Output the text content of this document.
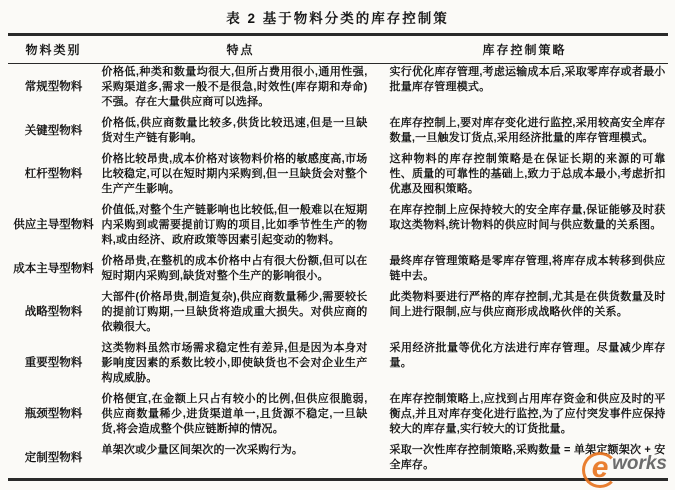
表 2 基于物料分类的库存控制策
物料类别	特点	库存控制策略
常规型物料	价格低,种类和数量均很大,但所占费用很小,通用性强,采购渠道多,需求一般不是很急,时效性(库存期和寿命)不强。存在大量供应商可以选择。	实行优化库存管理,考虑运输成本后,采取零库存或者最小批量库存管理模式。
关键型物料	价格低,供应商数量比较多,供货比较迅速,但是一旦缺货对生产链有影响。	在库存控制上,要对库存变化进行监控,采用较高安全库存数量,一旦触发订货点,采用经济批量的库存管理模式。
杠杆型物料	价格比较昂贵,成本价格对该物料价格的敏感度高,市场比较稳定,可以在短时期内采购到,但一旦缺货会对整个生产产生影响。	这种物料的库存控制策略是在保证长期的来源的可靠性、质量的可靠性的基础上,致力于总成本最小,考虑折扣优惠及囤积策略。
供应主导型物料	价值低,对整个生产链影响也比较低,但一般难以在短期内采购到或需要提前订购的项目,比如季节性生产的物料,或由经济、政府政策等因素引起变动的物料。	在库存控制上应保持较大的安全库存量,保证能够及时获取这类物料,统计物料的供应时间与供应数量的关系图。
成本主导型物料	价格昂贵,在整机的成本价格中占有很大份额,但可以在短时期内采购到,缺货对整个生产的影响很小。	最终库存管理策略是零库存管理,将库存成本转移到供应链中去。
战略型物料	大部件(价格昂贵,制造复杂),供应商数量稀少,需要较长的提前订购期,一旦缺货将造成重大损失。对供应商的依赖很大。	此类物料要进行严格的库存控制,尤其是在供货数量及时间上进行限制,应与供应商形成战略伙伴的关系。
重要型物料	这类物料虽然市场需求稳定性有差异,但是因为本身对影响度因素的系数比较小,即使缺货也不会对企业生产构成威胁。	采用经济批量等优化方法进行库存管理。尽量减少库存量。
瓶颈型物料	价格便宜,在金额上只占有较小的比例,但供应很脆弱,供应商数量稀少,进货渠道单一,且货源不稳定,一旦缺货,将会造成整个供应链断掉的情况。	在库存控制策略上,应找到占用库存资金和供应及时的平衡点,并且对库存变化进行监控,为了应付突发事件应保持较大的库存量,实行较大的订货批量。
定制型物料	单架次或少量区间架次的一次采购行为。	采取一次性库存控制策略,采购数量 = 单架定额架次 + 安全库存。	e works
